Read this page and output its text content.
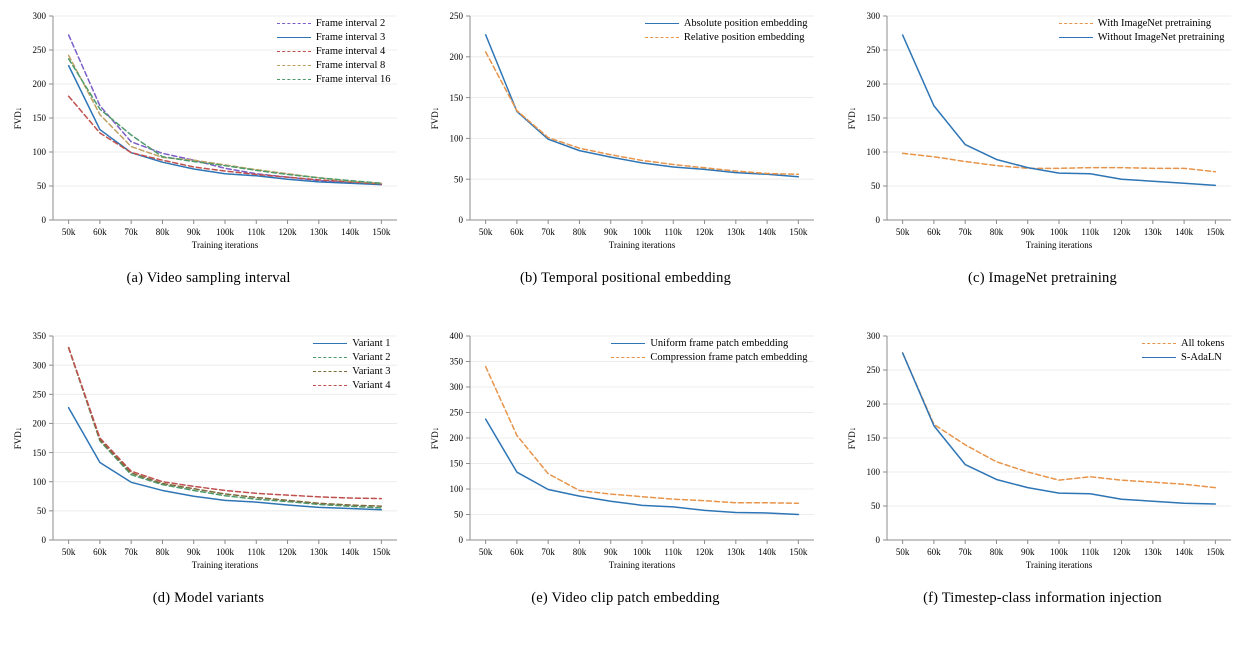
0
50
100
150
200
250
300
50k 60k 70k 80k 90k 100k 110k 120k 130k 140k 150k
Training iterations
FVD↓
Frame interval 2
Frame interval 3
Frame interval 4
Frame interval 8
Frame interval 16
(a) Video sampling interval
0
50
100
150
200
250
50k 60k 70k 80k 90k 100k 110k 120k 130k 140k 150k
Training iterations
FVD↓
Absolute position embedding
Relative position embedding
(b) Temporal positional embedding
0
50
100
150
200
250
300
50k 60k 70k 80k 90k 100k 110k 120k 130k 140k 150k
Training iterations
FVD↓
With ImageNet pretraining
Without ImageNet pretraining
(c) ImageNet pretraining
0
50
100
150
200
250
300
350
50k 60k 70k 80k 90k 100k 110k 120k 130k 140k 150k
Training iterations
FVD↓
Variant 1
Variant 2
Variant 3
Variant 4
(d) Model variants
0
50
100
150
200
250
300
350
400
50k 60k 70k 80k 90k 100k 110k 120k 130k 140k 150k
Training iterations
FVD↓
Uniform frame patch embedding
Compression frame patch embedding
(e) Video clip patch embedding
0
50
100
150
200
250
300
50k 60k 70k 80k 90k 100k 110k 120k 130k 140k 150k
Training iterations
FVD↓
All tokens
S-AdaLN
(f) Timestep-class information injection
